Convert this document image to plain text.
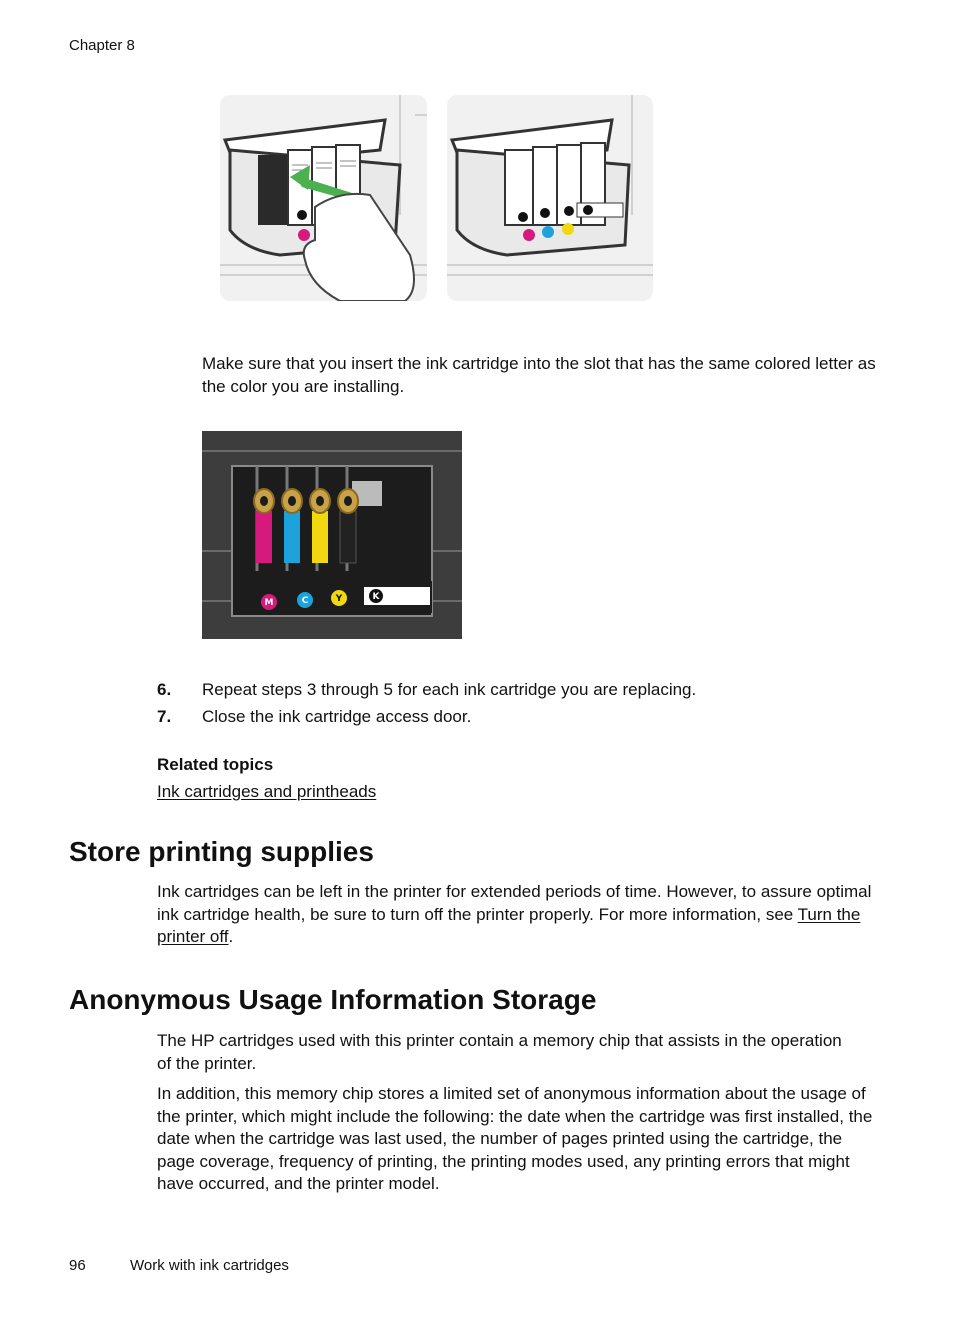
Chapter 8
Make sure that you insert the ink cartridge into the slot that has the same colored letter as the color you are installing.
M	C	Y	K
6.	Repeat steps 3 through 5 for each ink cartridge you are replacing.
7.	Close the ink cartridge access door.
Related topics
Ink cartridges and printheads
Store printing supplies
Ink cartridges can be left in the printer for extended periods of time. However, to assure optimal ink cartridge health, be sure to turn off the printer properly. For more information, see Turn the printer off.
Anonymous Usage Information Storage
The HP cartridges used with this printer contain a memory chip that assists in the operation of the printer.
In addition, this memory chip stores a limited set of anonymous information about the usage of the printer, which might include the following: the date when the cartridge was first installed, the date when the cartridge was last used, the number of pages printed using the cartridge, the page coverage, frequency of printing, the printing modes used, any printing errors that might have occurred, and the printer model.
96	Work with ink cartridges
